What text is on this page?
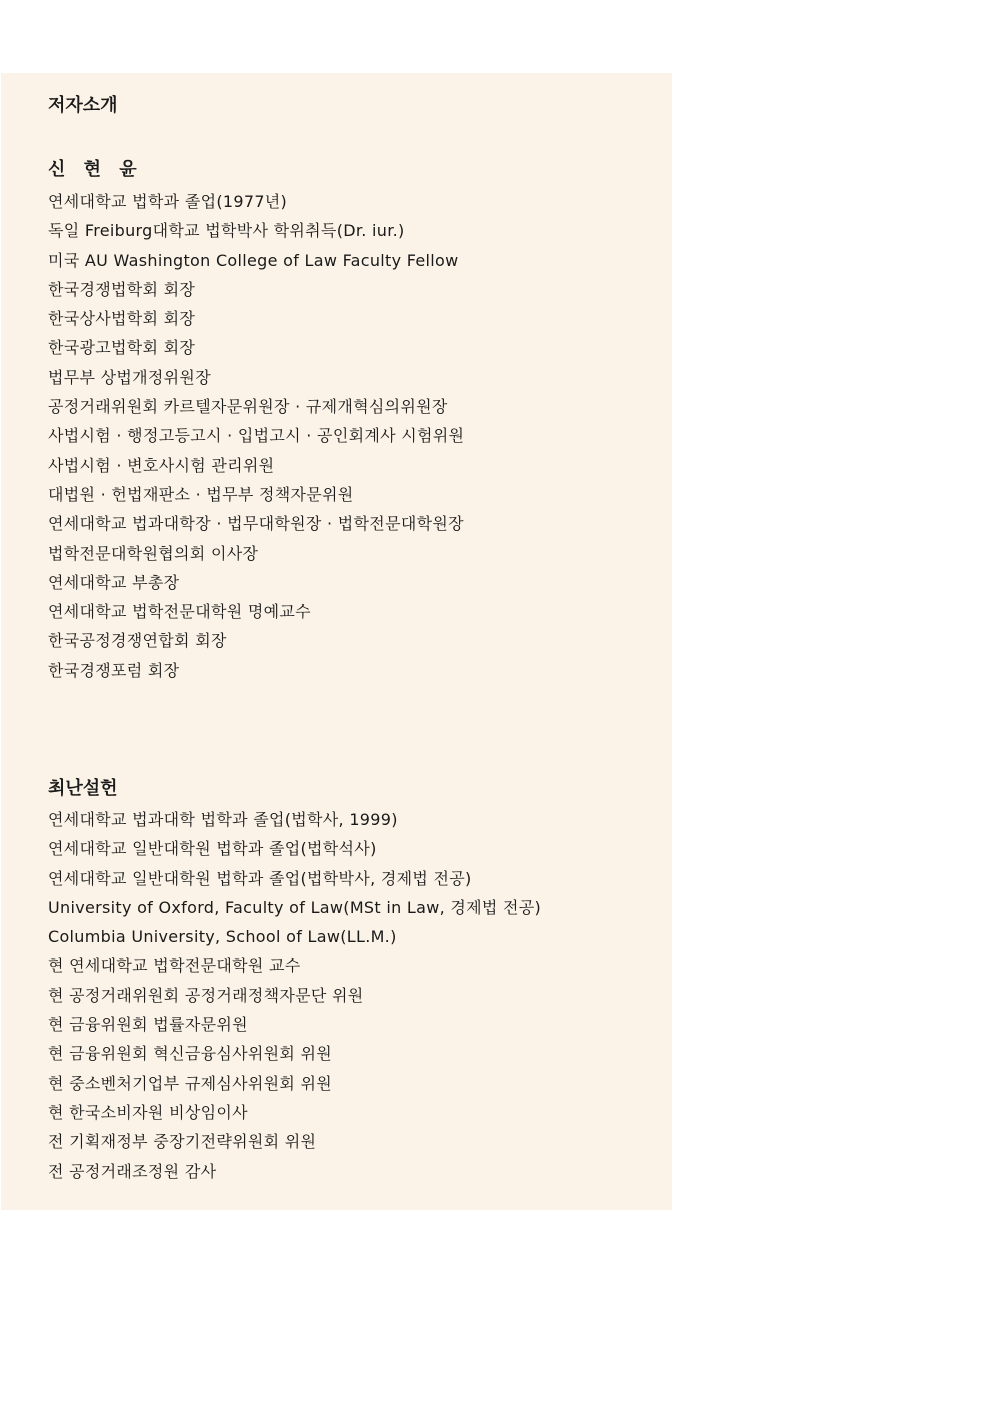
저자소개
신 현 윤
연세대학교 법학과 졸업(1977년)
독일 Freiburg대학교 법학박사 학위취득(Dr. iur.)
미국 AU Washington College of Law Faculty Fellow
한국경쟁법학회 회장
한국상사법학회 회장
한국광고법학회 회장
법무부 상법개정위원장
공정거래위원회 카르텔자문위원장 · 규제개혁심의위원장
사법시험 · 행정고등고시 · 입법고시 · 공인회계사 시험위원
사법시험 · 변호사시험 관리위원
대법원 · 헌법재판소 · 법무부 정책자문위원
연세대학교 법과대학장 · 법무대학원장 · 법학전문대학원장
법학전문대학원협의회 이사장
연세대학교 부총장
연세대학교 법학전문대학원 명예교수
한국공정경쟁연합회 회장
한국경쟁포럼 회장
최난설헌
연세대학교 법과대학 법학과 졸업(법학사, 1999)
연세대학교 일반대학원 법학과 졸업(법학석사)
연세대학교 일반대학원 법학과 졸업(법학박사, 경제법 전공)
University of Oxford, Faculty of Law(MSt in Law, 경제법 전공)
Columbia University, School of Law(LL.M.)
현 연세대학교 법학전문대학원 교수
현 공정거래위원회 공정거래정책자문단 위원
현 금융위원회 법률자문위원
현 금융위원회 혁신금융심사위원회 위원
현 중소벤처기업부 규제심사위원회 위원
현 한국소비자원 비상임이사
전 기획재정부 중장기전략위원회 위원
전 공정거래조정원 감사
